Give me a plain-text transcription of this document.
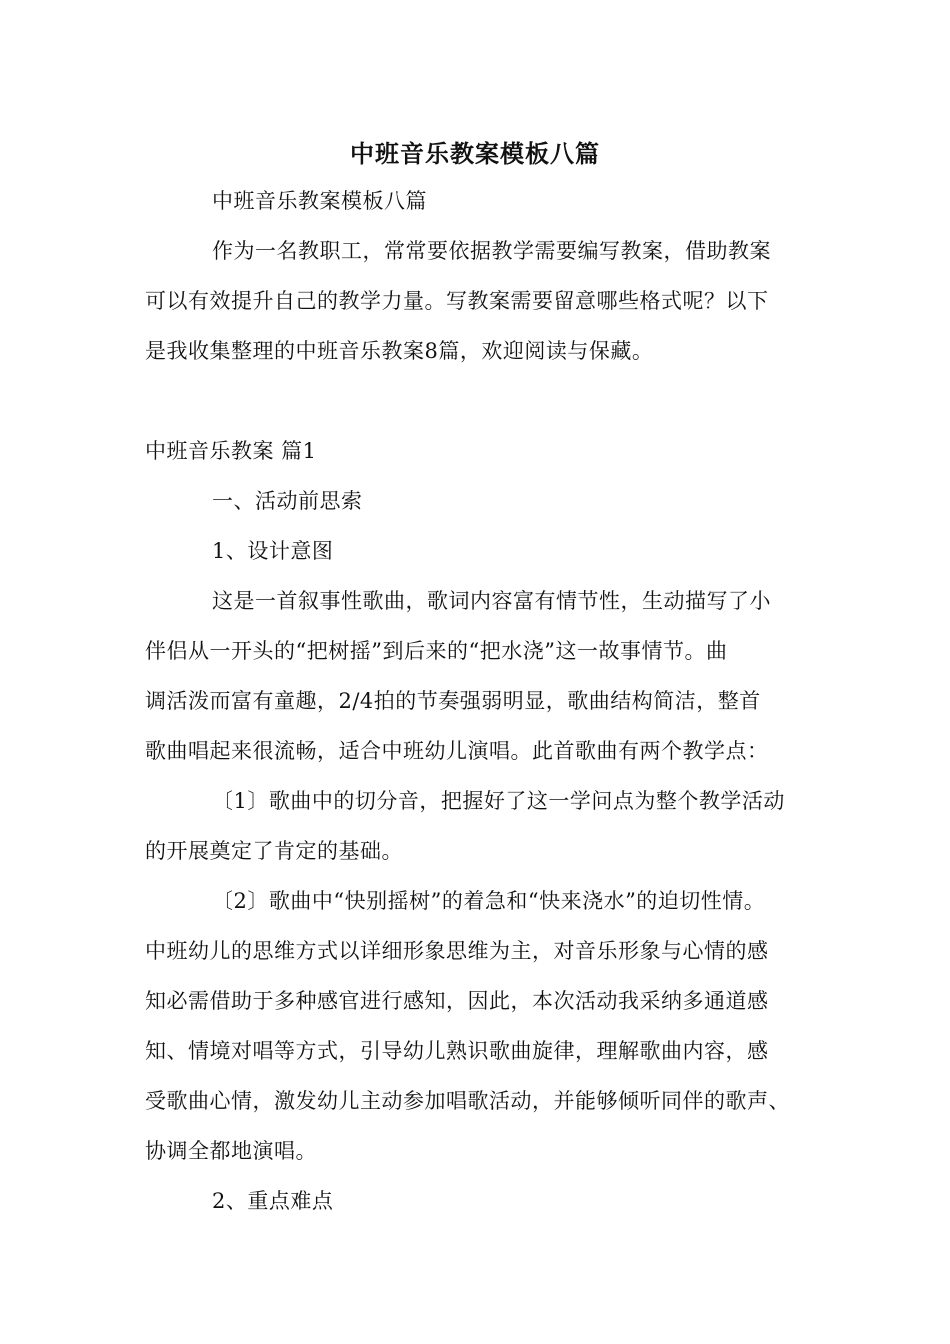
中班音乐教案模板八篇
中班音乐教案模板八篇
作为一名教职工，常常要依据教学需要编写教案，借助教案
可以有效提升自己的教学力量。写教案需要留意哪些格式呢？以下
是我收集整理的中班音乐教案8篇，欢迎阅读与保藏。
中班音乐教案 篇1
一、活动前思索
1、设计意图
这是一首叙事性歌曲，歌词内容富有情节性，生动描写了小
伴侣从一开头的“把树摇”到后来的“把水浇”这一故事情节。曲
调活泼而富有童趣，2/4拍的节奏强弱明显，歌曲结构简洁，整首
歌曲唱起来很流畅，适合中班幼儿演唱。此首歌曲有两个教学点：
〔1〕歌曲中的切分音，把握好了这一学问点为整个教学活动
的开展奠定了肯定的基础。
〔2〕歌曲中“快别摇树”的着急和“快来浇水”的迫切性情。
中班幼儿的思维方式以详细形象思维为主，对音乐形象与心情的感
知必需借助于多种感官进行感知，因此，本次活动我采纳多通道感
知、情境对唱等方式，引导幼儿熟识歌曲旋律，理解歌曲内容，感
受歌曲心情，激发幼儿主动参加唱歌活动，并能够倾听同伴的歌声、
协调全都地演唱。
2、重点难点
